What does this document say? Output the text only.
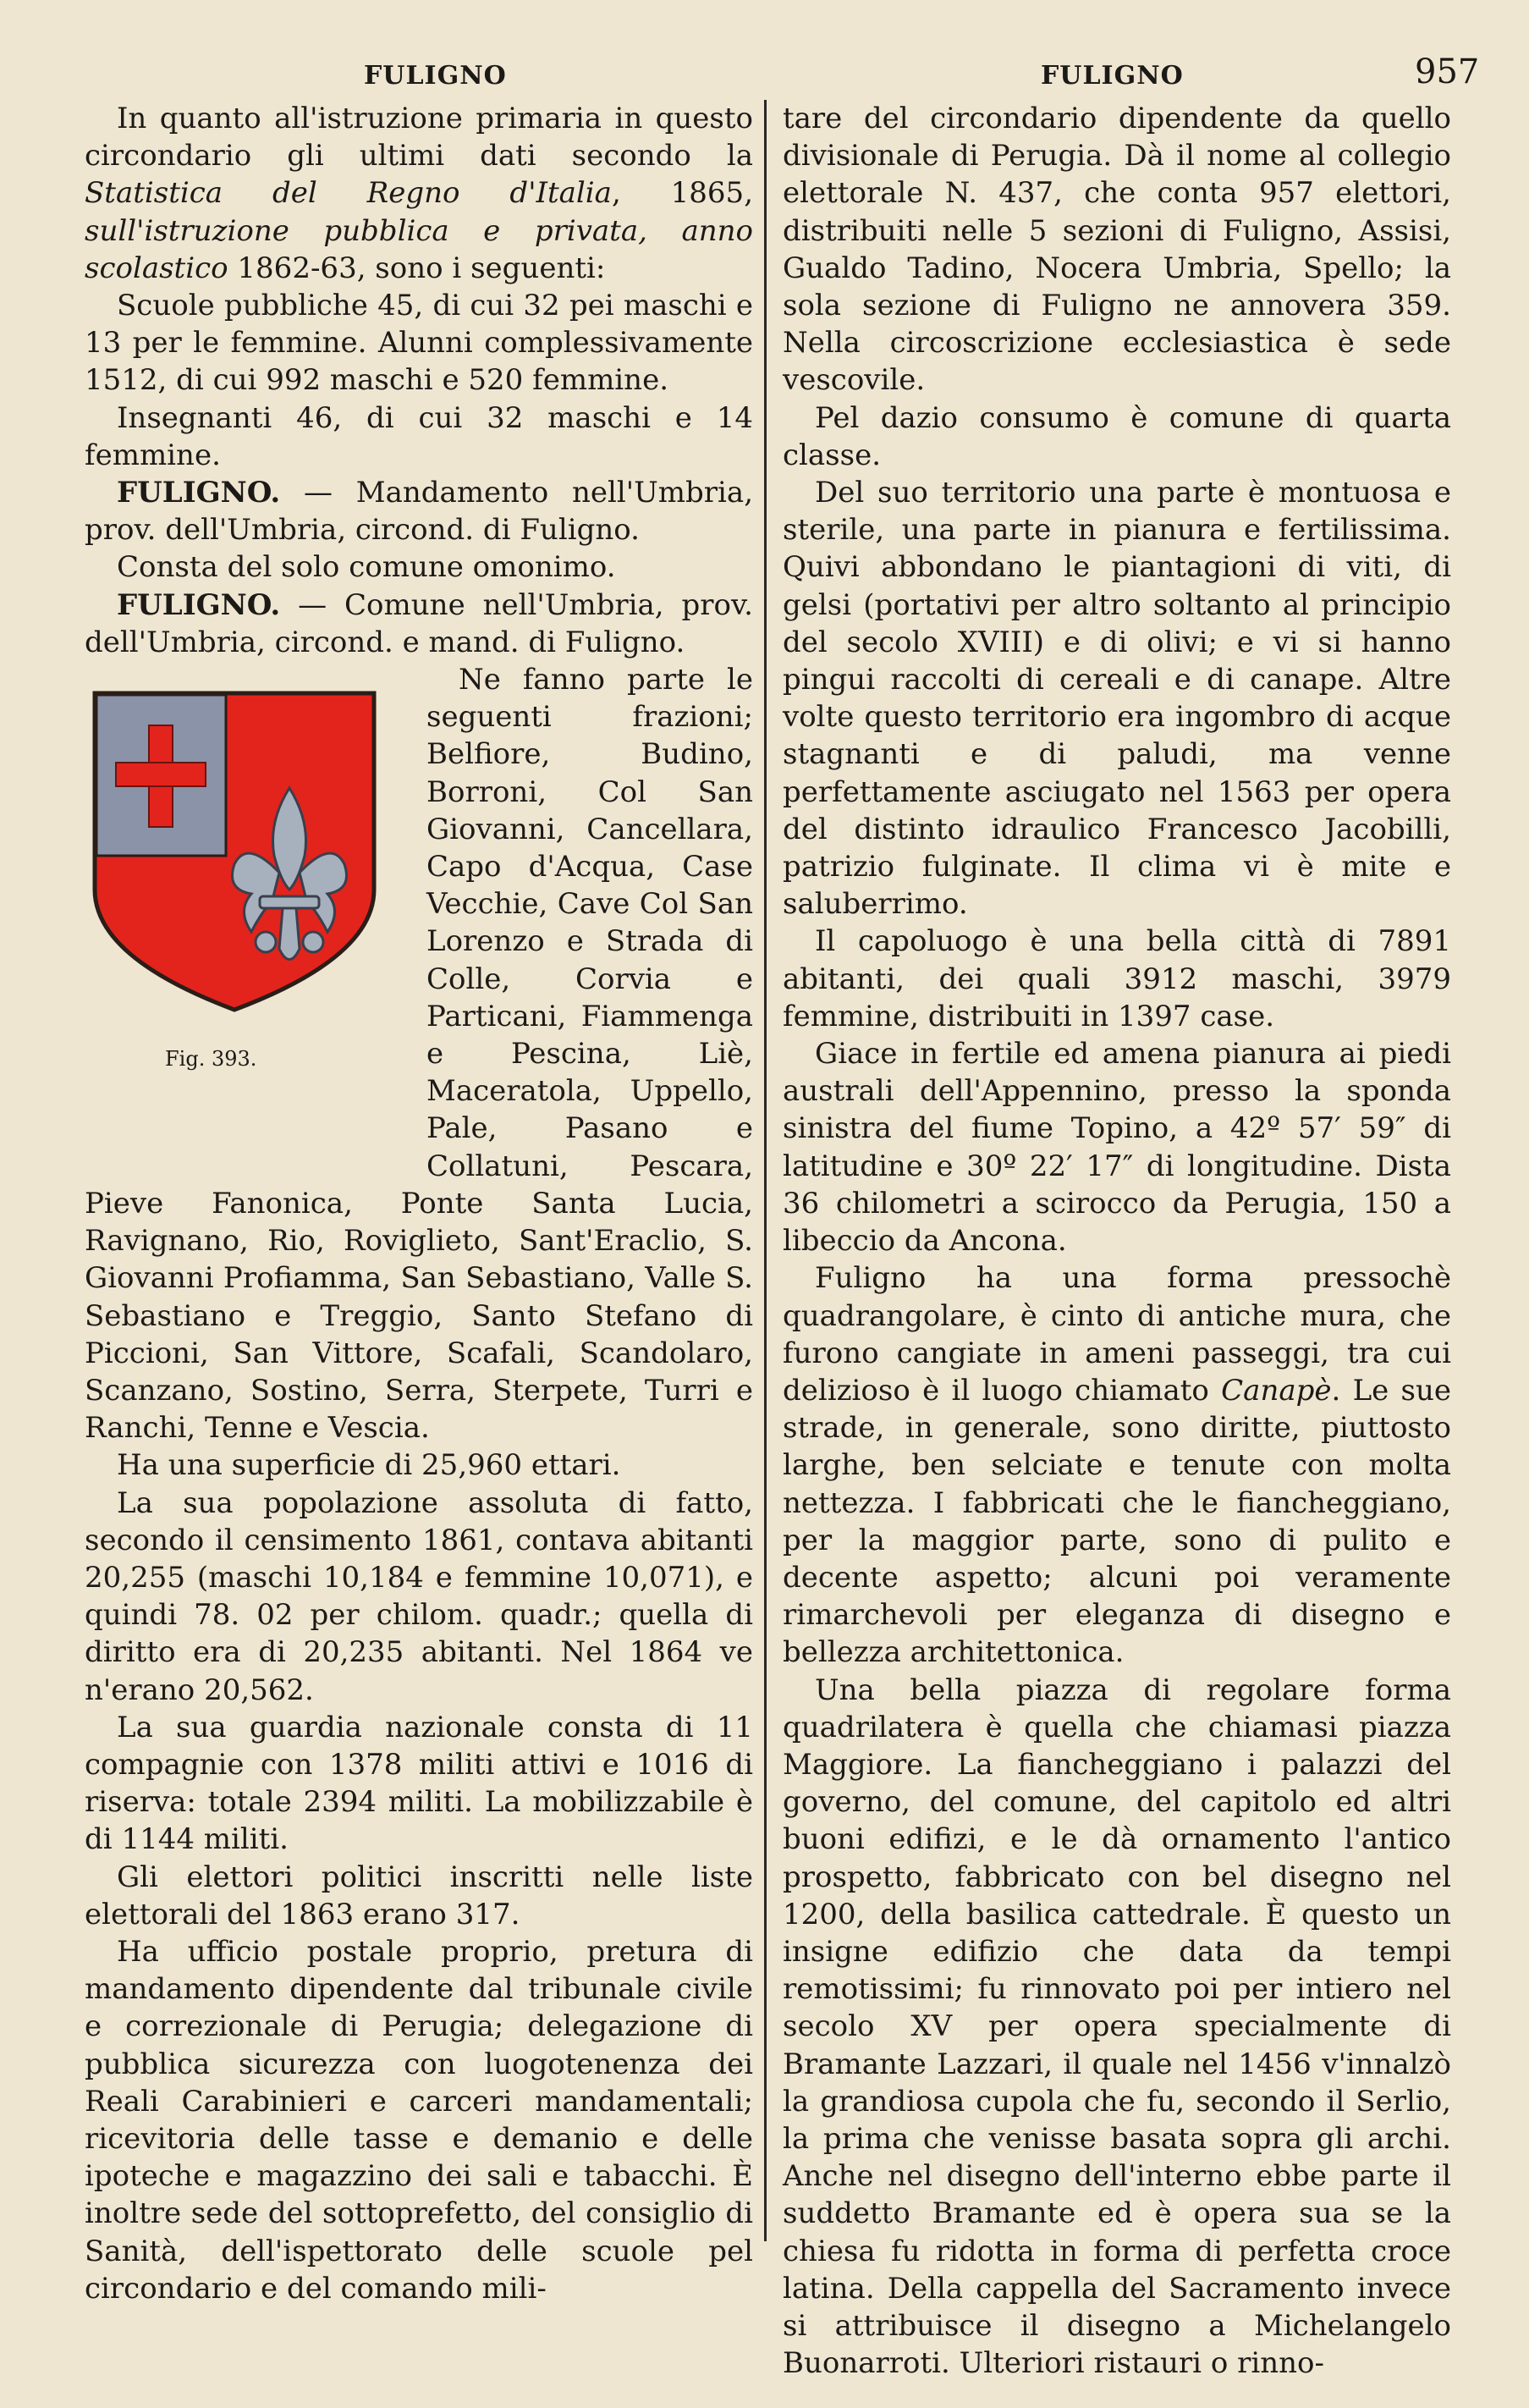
FULIGNO	FULIGNO	957

In quanto all'istruzione primaria in questo circondario gli ultimi dati secondo la Statistica del Regno d'Italia, 1865, sull'istruzione pubblica e privata, anno scolastico 1862-63, sono i seguenti:

Scuole pubbliche 45, di cui 32 pei maschi e 13 per le femmine. Alunni complessivamente 1512, di cui 992 maschi e 520 femmine.

Insegnanti 46, di cui 32 maschi e 14 femmine.

FULIGNO. — Mandamento nell'Umbria, prov. dell'Umbria, circond. di Fuligno.

Consta del solo comune omonimo.

FULIGNO. — Comune nell'Umbria, prov. dell'Umbria, circond. e mand. di Fuligno.

Fig. 393.

Ne fanno parte le seguenti frazioni; Belfiore, Budino, Borroni, Col San Giovanni, Cancellara, Capo d'Acqua, Case Vecchie, Cave Col San Lorenzo e Strada di Colle, Corvia e Particani, Fiammenga e Pescina, Liè, Maceratola, Uppello, Pale, Pasano e Collatuni, Pescara, Pieve Fanonica, Ponte Santa Lucia, Ravignano, Rio, Roviglieto, Sant'Eraclio, S. Giovanni Profiamma, San Sebastiano, Valle S. Sebastiano e Treggio, Santo Stefano di Piccioni, San Vittore, Scafali, Scandolaro, Scanzano, Sostino, Serra, Sterpete, Turri e Ranchi, Tenne e Vescia.

Ha una superficie di 25,960 ettari.

La sua popolazione assoluta di fatto, secondo il censimento 1861, contava abitanti 20,255 (maschi 10,184 e femmine 10,071), e quindi 78. 02 per chilom. quadr.; quella di diritto era di 20,235 abitanti. Nel 1864 ve n'erano 20,562.

La sua guardia nazionale consta di 11 compagnie con 1378 militi attivi e 1016 di riserva: totale 2394 militi. La mobilizzabile è di 1144 militi.

Gli elettori politici inscritti nelle liste elettorali del 1863 erano 317.

Ha ufficio postale proprio, pretura di mandamento dipendente dal tribunale civile e correzionale di Perugia; delegazione di pubblica sicurezza con luogotenenza dei Reali Carabinieri e carceri mandamentali; ricevitoria delle tasse e demanio e delle ipoteche e magazzino dei sali e tabacchi. È inoltre sede del sottoprefetto, del consiglio di Sanità, dell'ispettorato delle scuole pel circondario e del comando mili-

tare del circondario dipendente da quello divisionale di Perugia. Dà il nome al collegio elettorale N. 437, che conta 957 elettori, distribuiti nelle 5 sezioni di Fuligno, Assisi, Gualdo Tadino, Nocera Umbria, Spello; la sola sezione di Fuligno ne annovera 359. Nella circoscrizione ecclesiastica è sede vescovile.

Pel dazio consumo è comune di quarta classe.

Del suo territorio una parte è montuosa e sterile, una parte in pianura e fertilissima. Quivi abbondano le piantagioni di viti, di gelsi (portativi per altro soltanto al principio del secolo XVIII) e di olivi; e vi si hanno pingui raccolti di cereali e di canape. Altre volte questo territorio era ingombro di acque stagnanti e di paludi, ma venne perfettamente asciugato nel 1563 per opera del distinto idraulico Francesco Jacobilli, patrizio fulginate. Il clima vi è mite e saluberrimo.

Il capoluogo è una bella città di 7891 abitanti, dei quali 3912 maschi, 3979 femmine, distribuiti in 1397 case.

Giace in fertile ed amena pianura ai piedi australi dell'Appennino, presso la sponda sinistra del fiume Topino, a 42º 57′ 59″ di latitudine e 30º 22′ 17″ di longitudine. Dista 36 chilometri a scirocco da Perugia, 150 a libeccio da Ancona.

Fuligno ha una forma pressochè quadrangolare, è cinto di antiche mura, che furono cangiate in ameni passeggi, tra cui delizioso è il luogo chiamato Canapè. Le sue strade, in generale, sono diritte, piuttosto larghe, ben selciate e tenute con molta nettezza. I fabbricati che le fiancheggiano, per la maggior parte, sono di pulito e decente aspetto; alcuni poi veramente rimarchevoli per eleganza di disegno e bellezza architettonica.

Una bella piazza di regolare forma quadrilatera è quella che chiamasi piazza Maggiore. La fiancheggiano i palazzi del governo, del comune, del capitolo ed altri buoni edifizi, e le dà ornamento l'antico prospetto, fabbricato con bel disegno nel 1200, della basilica cattedrale. È questo un insigne edifizio che data da tempi remotissimi; fu rinnovato poi per intiero nel secolo XV per opera specialmente di Bramante Lazzari, il quale nel 1456 v'innalzò la grandiosa cupola che fu, secondo il Serlio, la prima che venisse basata sopra gli archi. Anche nel disegno dell'interno ebbe parte il suddetto Bramante ed è opera sua se la chiesa fu ridotta in forma di perfetta croce latina. Della cappella del Sacramento invece si attribuisce il disegno a Michelangelo Buonarroti. Ulteriori ristauri o rinno-
